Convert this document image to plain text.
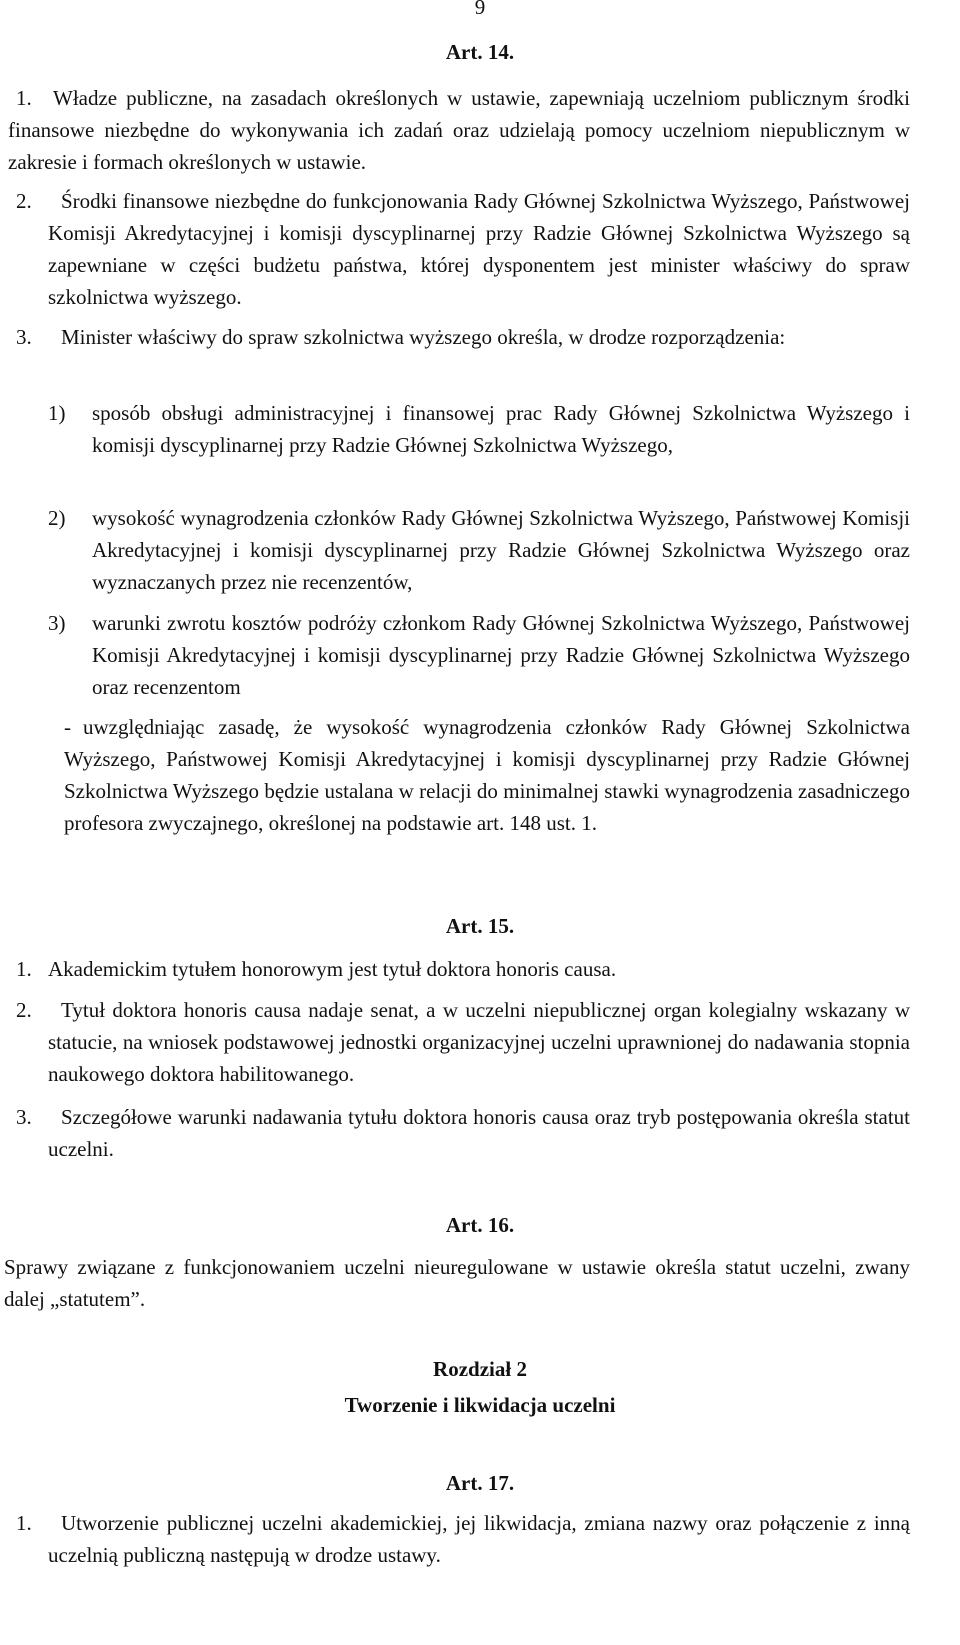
9
Art. 14.
1.	Władze publiczne, na zasadach określonych w ustawie, zapewniają uczelniom publicznym środki finansowe niezbędne do wykonywania ich zadań oraz udzielają pomocy uczelniom niepublicznym w zakresie i formach określonych w ustawie.
2.	Środki finansowe niezbędne do funkcjonowania Rady Głównej Szkolnictwa Wyższego, Państwowej Komisji Akredytacyjnej i komisji dyscyplinarnej przy Radzie Głównej Szkolnictwa Wyższego są zapewniane w części budżetu państwa, której dysponentem jest minister właściwy do spraw szkolnictwa wyższego.
3.	Minister właściwy do spraw szkolnictwa wyższego określa, w drodze rozporządzenia:
1) sposób obsługi administracyjnej i finansowej prac Rady Głównej Szkolnictwa Wyższego i komisji dyscyplinarnej przy Radzie Głównej Szkolnictwa Wyższego,
2) wysokość wynagrodzenia członków Rady Głównej Szkolnictwa Wyższego, Państwowej Komisji Akredytacyjnej i komisji dyscyplinarnej przy Radzie Głównej Szkolnictwa Wyższego oraz wyznaczanych przez nie recenzentów,
3) warunki zwrotu kosztów podróży członkom Rady Głównej Szkolnictwa Wyższego, Państwowej Komisji Akredytacyjnej i komisji dyscyplinarnej przy Radzie Głównej Szkolnictwa Wyższego oraz recenzentom
- uwzględniając zasadę, że wysokość wynagrodzenia członków Rady Głównej Szkolnictwa Wyższego, Państwowej Komisji Akredytacyjnej i komisji dyscyplinarnej przy Radzie Głównej Szkolnictwa Wyższego będzie ustalana w relacji do minimalnej stawki wynagrodzenia zasadniczego profesora zwyczajnego, określonej na podstawie art. 148 ust. 1.
Art. 15.
1. Akademickim tytułem honorowym jest tytuł doktora honoris causa.
2.	Tytuł doktora honoris causa nadaje senat, a w uczelni niepublicznej organ kolegialny wskazany w statucie, na wniosek podstawowej jednostki organizacyjnej uczelni uprawnionej do nadawania stopnia naukowego doktora habilitowanego.
3.	Szczegółowe warunki nadawania tytułu doktora honoris causa oraz tryb postępowania określa statut uczelni.
Art. 16.
Sprawy związane z funkcjonowaniem uczelni nieuregulowane w ustawie określa statut uczelni, zwany dalej „statutem”.
Rozdział 2
Tworzenie i likwidacja uczelni
Art. 17.
1.	Utworzenie publicznej uczelni akademickiej, jej likwidacja, zmiana nazwy oraz połączenie z inną uczelnią publiczną następują w drodze ustawy.
